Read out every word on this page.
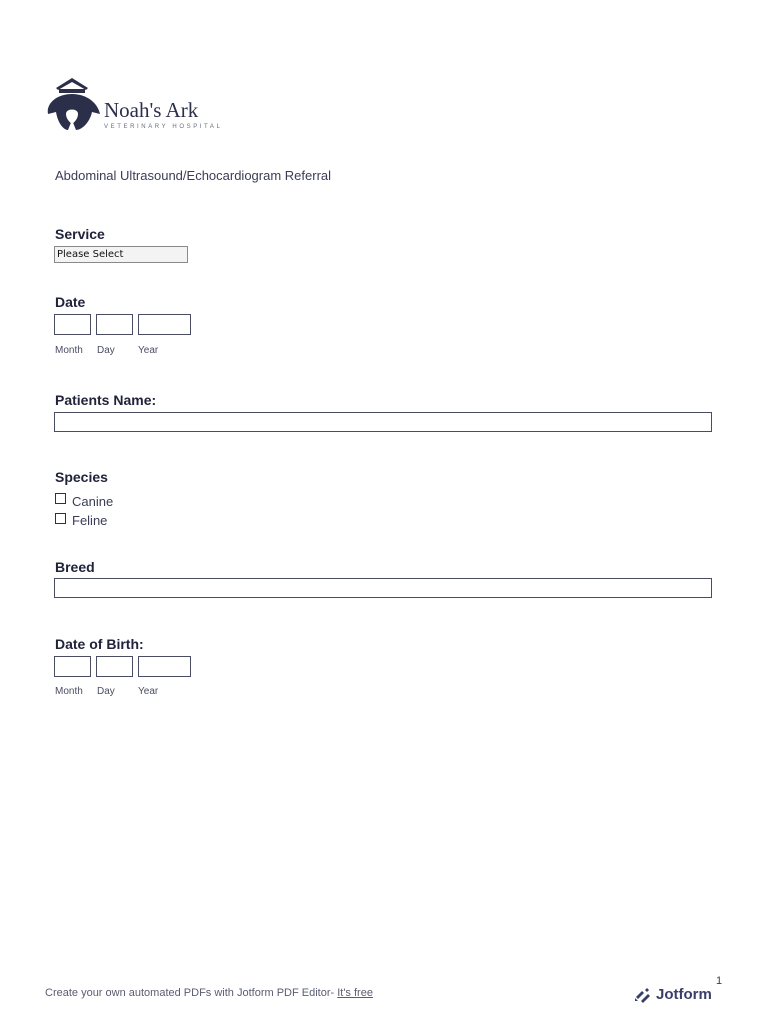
Noah's Ark
VETERINARY HOSPITAL
Abdominal Ultrasound/Echocardiogram Referral
Service
Please Select
Date
Month Day Year
Patients Name:
Species
Canine
Feline
Breed
Date of Birth:
Month Day Year
Create your own automated PDFs with Jotform PDF Editor- It's free
1
Jotform
